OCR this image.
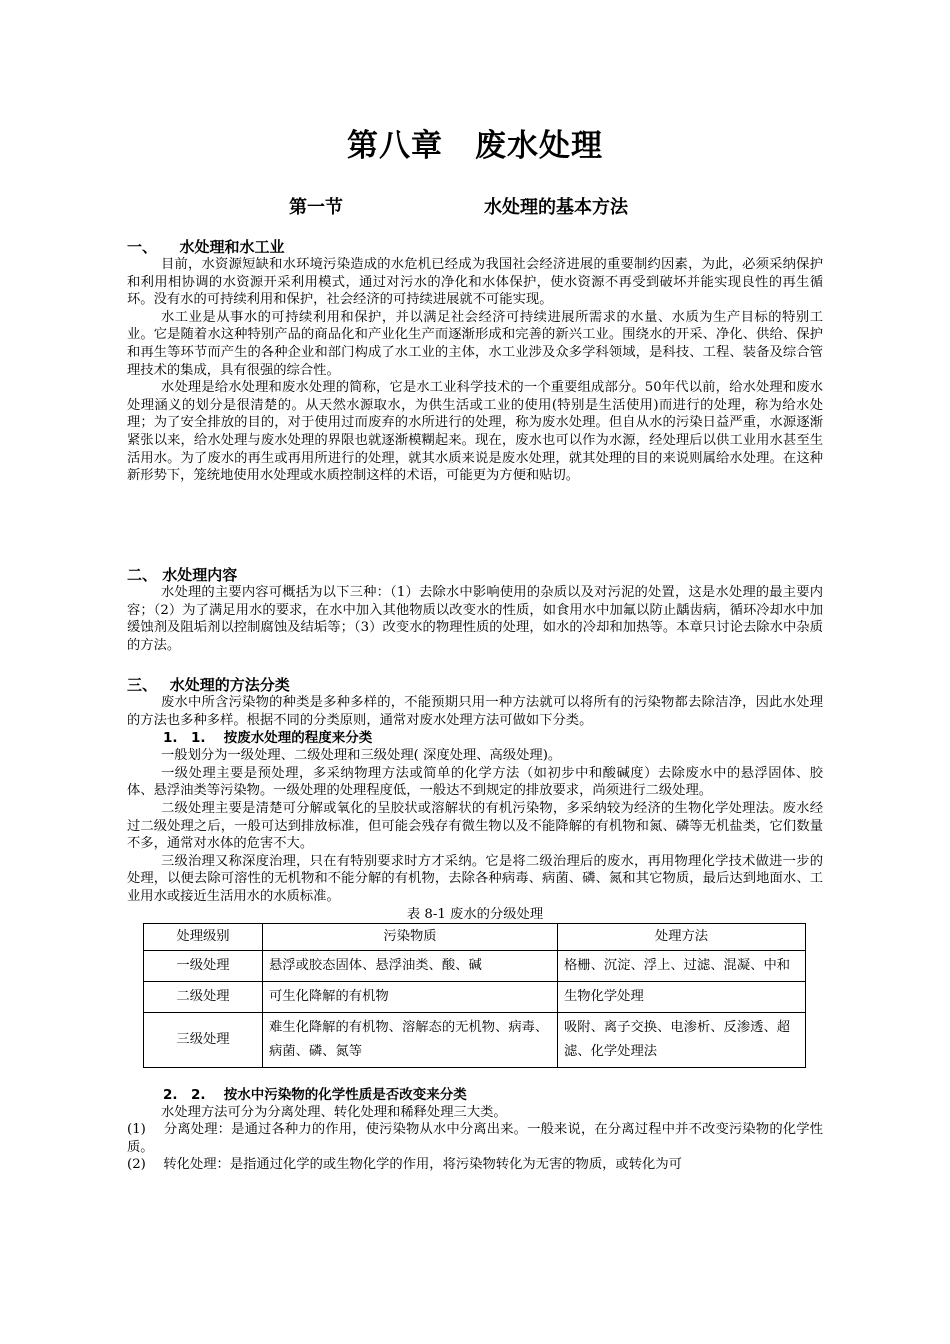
第八章　废水处理
第一节	水处理的基本方法
一、　　水处理和水工业

目前，水资源短缺和水环境污染造成的水危机已经成为我国社会经济进展的重要制约因素，为此，必须采纳保护和利用相协调的水资源开采利用模式，通过对污水的净化和水体保护，使水资源不再受到破坏并能实现良性的再生循环。没有水的可持续利用和保护，社会经济的可持续进展就不可能实现。

水工业是从事水的可持续利用和保护，并以满足社会经济可持续进展所需求的水量、水质为生产目标的特别工业。它是随着水这种特别产品的商品化和产业化生产而逐渐形成和完善的新兴工业。围绕水的开采、净化、供给、保护和再生等环节而产生的各种企业和部门构成了水工业的主体，水工业涉及众多学科领域，是科技、工程、装备及综合管理技术的集成，具有很强的综合性。

水处理是给水处理和废水处理的简称，它是水工业科学技术的一个重要组成部分。50年代以前，给水处理和废水处理涵义的划分是很清楚的。从天然水源取水，为供生活或工业的使用(特别是生活使用)而进行的处理，称为给水处理；为了安全排放的目的，对于使用过而废弃的水所进行的处理，称为废水处理。但自从水的污染日益严重，水源逐渐紧张以来，给水处理与废水处理的界限也就逐渐模糊起来。现在，废水也可以作为水源，经处理后以供工业用水甚至生活用水。为了废水的再生或再用所进行的处理，就其水质来说是废水处理，就其处理的目的来说则属给水处理。在这种新形势下，笼统地使用水处理或水质控制这样的术语，可能更为方便和贴切。

二、 水处理内容

水处理的主要内容可概括为以下三种：（1）去除水中影响使用的杂质以及对污泥的处置，这是水处理的最主要内容；（2）为了满足用水的要求，在水中加入其他物质以改变水的性质，如食用水中加氟以防止龋齿病，循环冷却水中加缓蚀剂及阻垢剂以控制腐蚀及结垢等；（3）改变水的物理性质的处理，如水的冷却和加热等。本章只讨论去除水中杂质的方法。

三、　 水处理的方法分类

废水中所含污染物的种类是多种多样的，不能预期只用一种方法就可以将所有的污染物都去除洁净，因此水处理的方法也多种多样。根据不同的分类原则，通常对废水处理方法可做如下分类。

1.　1.　 按废水处理的程度来分类

一般划分为一级处理、二级处理和三级处理( 深度处理、高级处理)。

一级处理主要是预处理，多采纳物理方法或简单的化学方法（如初步中和酸碱度）去除废水中的悬浮固体、胶体、悬浮油类等污染物。一级处理的处理程度低，一般达不到规定的排放要求，尚须进行二级处理。

二级处理主要是清楚可分解或氧化的呈胶状或溶解状的有机污染物，多采纳较为经济的生物化学处理法。废水经过二级处理之后，一般可达到排放标准，但可能会残存有微生物以及不能降解的有机物和氮、磷等无机盐类，它们数量不多，通常对水体的危害不大。

三级治理又称深度治理，只在有特别要求时方才采纳。它是将二级治理后的废水，再用物理化学技术做进一步的处理，以便去除可溶性的无机物和不能分解的有机物，去除各种病毒、病菌、磷、氮和其它物质，最后达到地面水、工业用水或接近生活用水的水质标准。

表 8-1 废水的分级处理
处理级别	污染物质	处理方法
一级处理	悬浮或胶态固体、悬浮油类、酸、碱	格栅、沉淀、浮上、过滤、混凝、中和
二级处理	可生化降解的有机物	生物化学处理
三级处理	难生化降解的有机物、溶解态的无机物、病毒、病菌、磷、氮等	吸附、离子交换、电渗析、反渗透、超滤、化学处理法
2.　2.　 按水中污染物的化学性质是否改变来分类

水处理方法可分为分离处理、转化处理和稀释处理三大类。

(1)　 分离处理：是通过各种力的作用，使污染物从水中分离出来。一般来说，在分离过程中并不改变污染物的化学性质。

(2)　 转化处理：是指通过化学的或生物化学的作用，将污染物转化为无害的物质，或转化为可
